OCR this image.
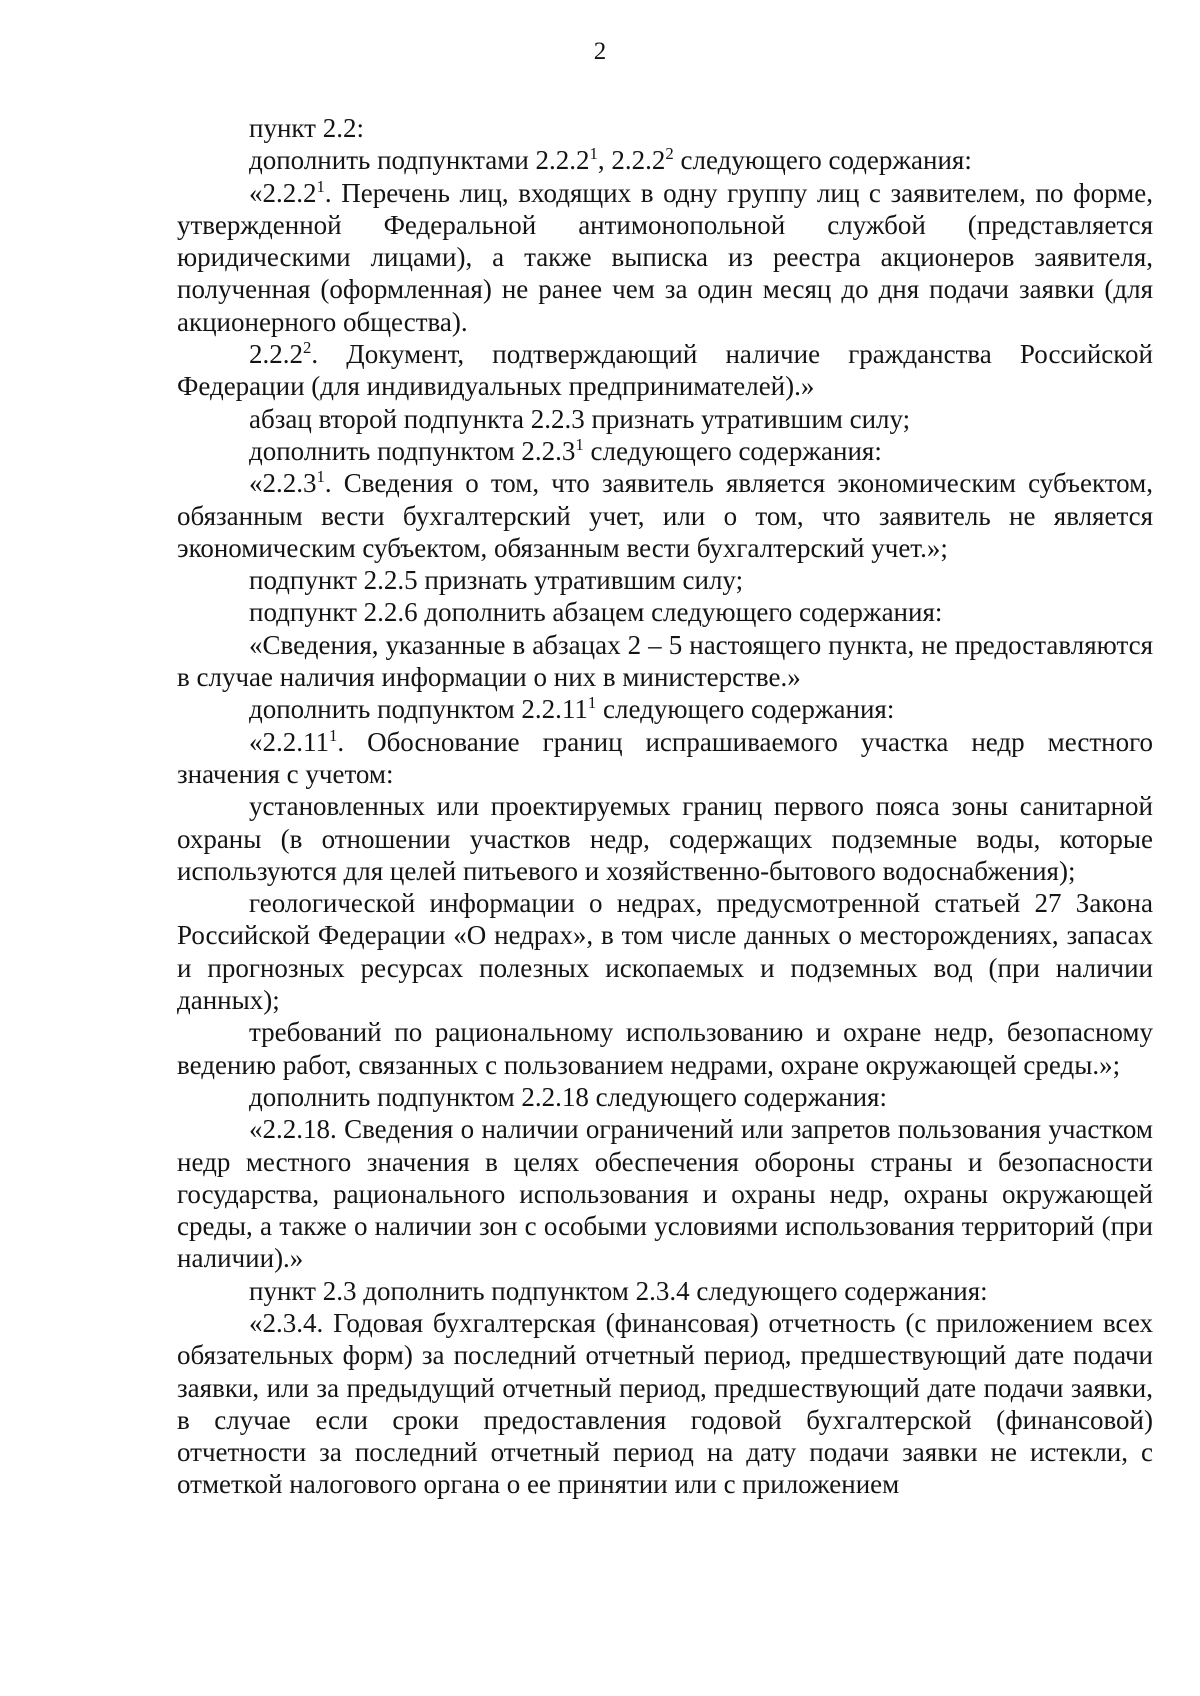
2

пункт 2.2:

дополнить подпунктами 2.2.2$^1$, 2.2.2$^2$ следующего содержания:

«2.2.2$^1$. Перечень лиц, входящих в одну группу лиц с заявителем, по форме, утвержденной Федеральной антимонопольной службой (представляется юридическими лицами), а также выписка из реестра акционеров заявителя, полученная (оформленная) не ранее чем за один месяц до дня подачи заявки (для акционерного общества).

2.2.2$^2$. Документ, подтверждающий наличие гражданства Российской Федерации (для индивидуальных предпринимателей).»

абзац второй подпункта 2.2.3 признать утратившим силу;

дополнить подпунктом 2.2.3$^1$ следующего содержания:

«2.2.3$^1$. Сведения о том, что заявитель является экономическим субъектом, обязанным вести бухгалтерский учет, или о том, что заявитель не является экономическим субъектом, обязанным вести бухгалтерский учет.»;

подпункт 2.2.5 признать утратившим силу;

подпункт 2.2.6 дополнить абзацем следующего содержания:

«Сведения, указанные в абзацах 2 – 5 настоящего пункта, не предоставляются в случае наличия информации о них в министерстве.»

дополнить подпунктом 2.2.11$^1$ следующего содержания:

«2.2.11$^1$. Обоснование границ испрашиваемого участка недр местного значения с учетом:

установленных или проектируемых границ первого пояса зоны санитарной охраны (в отношении участков недр, содержащих подземные воды, которые используются для целей питьевого и хозяйственно-бытового водоснабжения);

геологической информации о недрах, предусмотренной статьей 27 Закона Российской Федерации «О недрах», в том числе данных о месторождениях, запасах и прогнозных ресурсах полезных ископаемых и подземных вод (при наличии данных);

требований по рациональному использованию и охране недр, безопасному ведению работ, связанных с пользованием недрами, охране окружающей среды.»;

дополнить подпунктом 2.2.18 следующего содержания:

«2.2.18. Сведения о наличии ограничений или запретов пользования участком недр местного значения в целях обеспечения обороны страны и безопасности государства, рационального использования и охраны недр, охраны окружающей среды, а также о наличии зон с особыми условиями использования территорий (при наличии).»

пункт 2.3 дополнить подпунктом 2.3.4 следующего содержания:

«2.3.4. Годовая бухгалтерская (финансовая) отчетность (с приложением всех обязательных форм) за последний отчетный период, предшествующий дате подачи заявки, или за предыдущий отчетный период, предшествующий дате подачи заявки, в случае если сроки предоставления годовой бухгалтерской (финансовой) отчетности за последний отчетный период на дату подачи заявки не истекли, с отметкой налогового органа о ее принятии или с приложением
